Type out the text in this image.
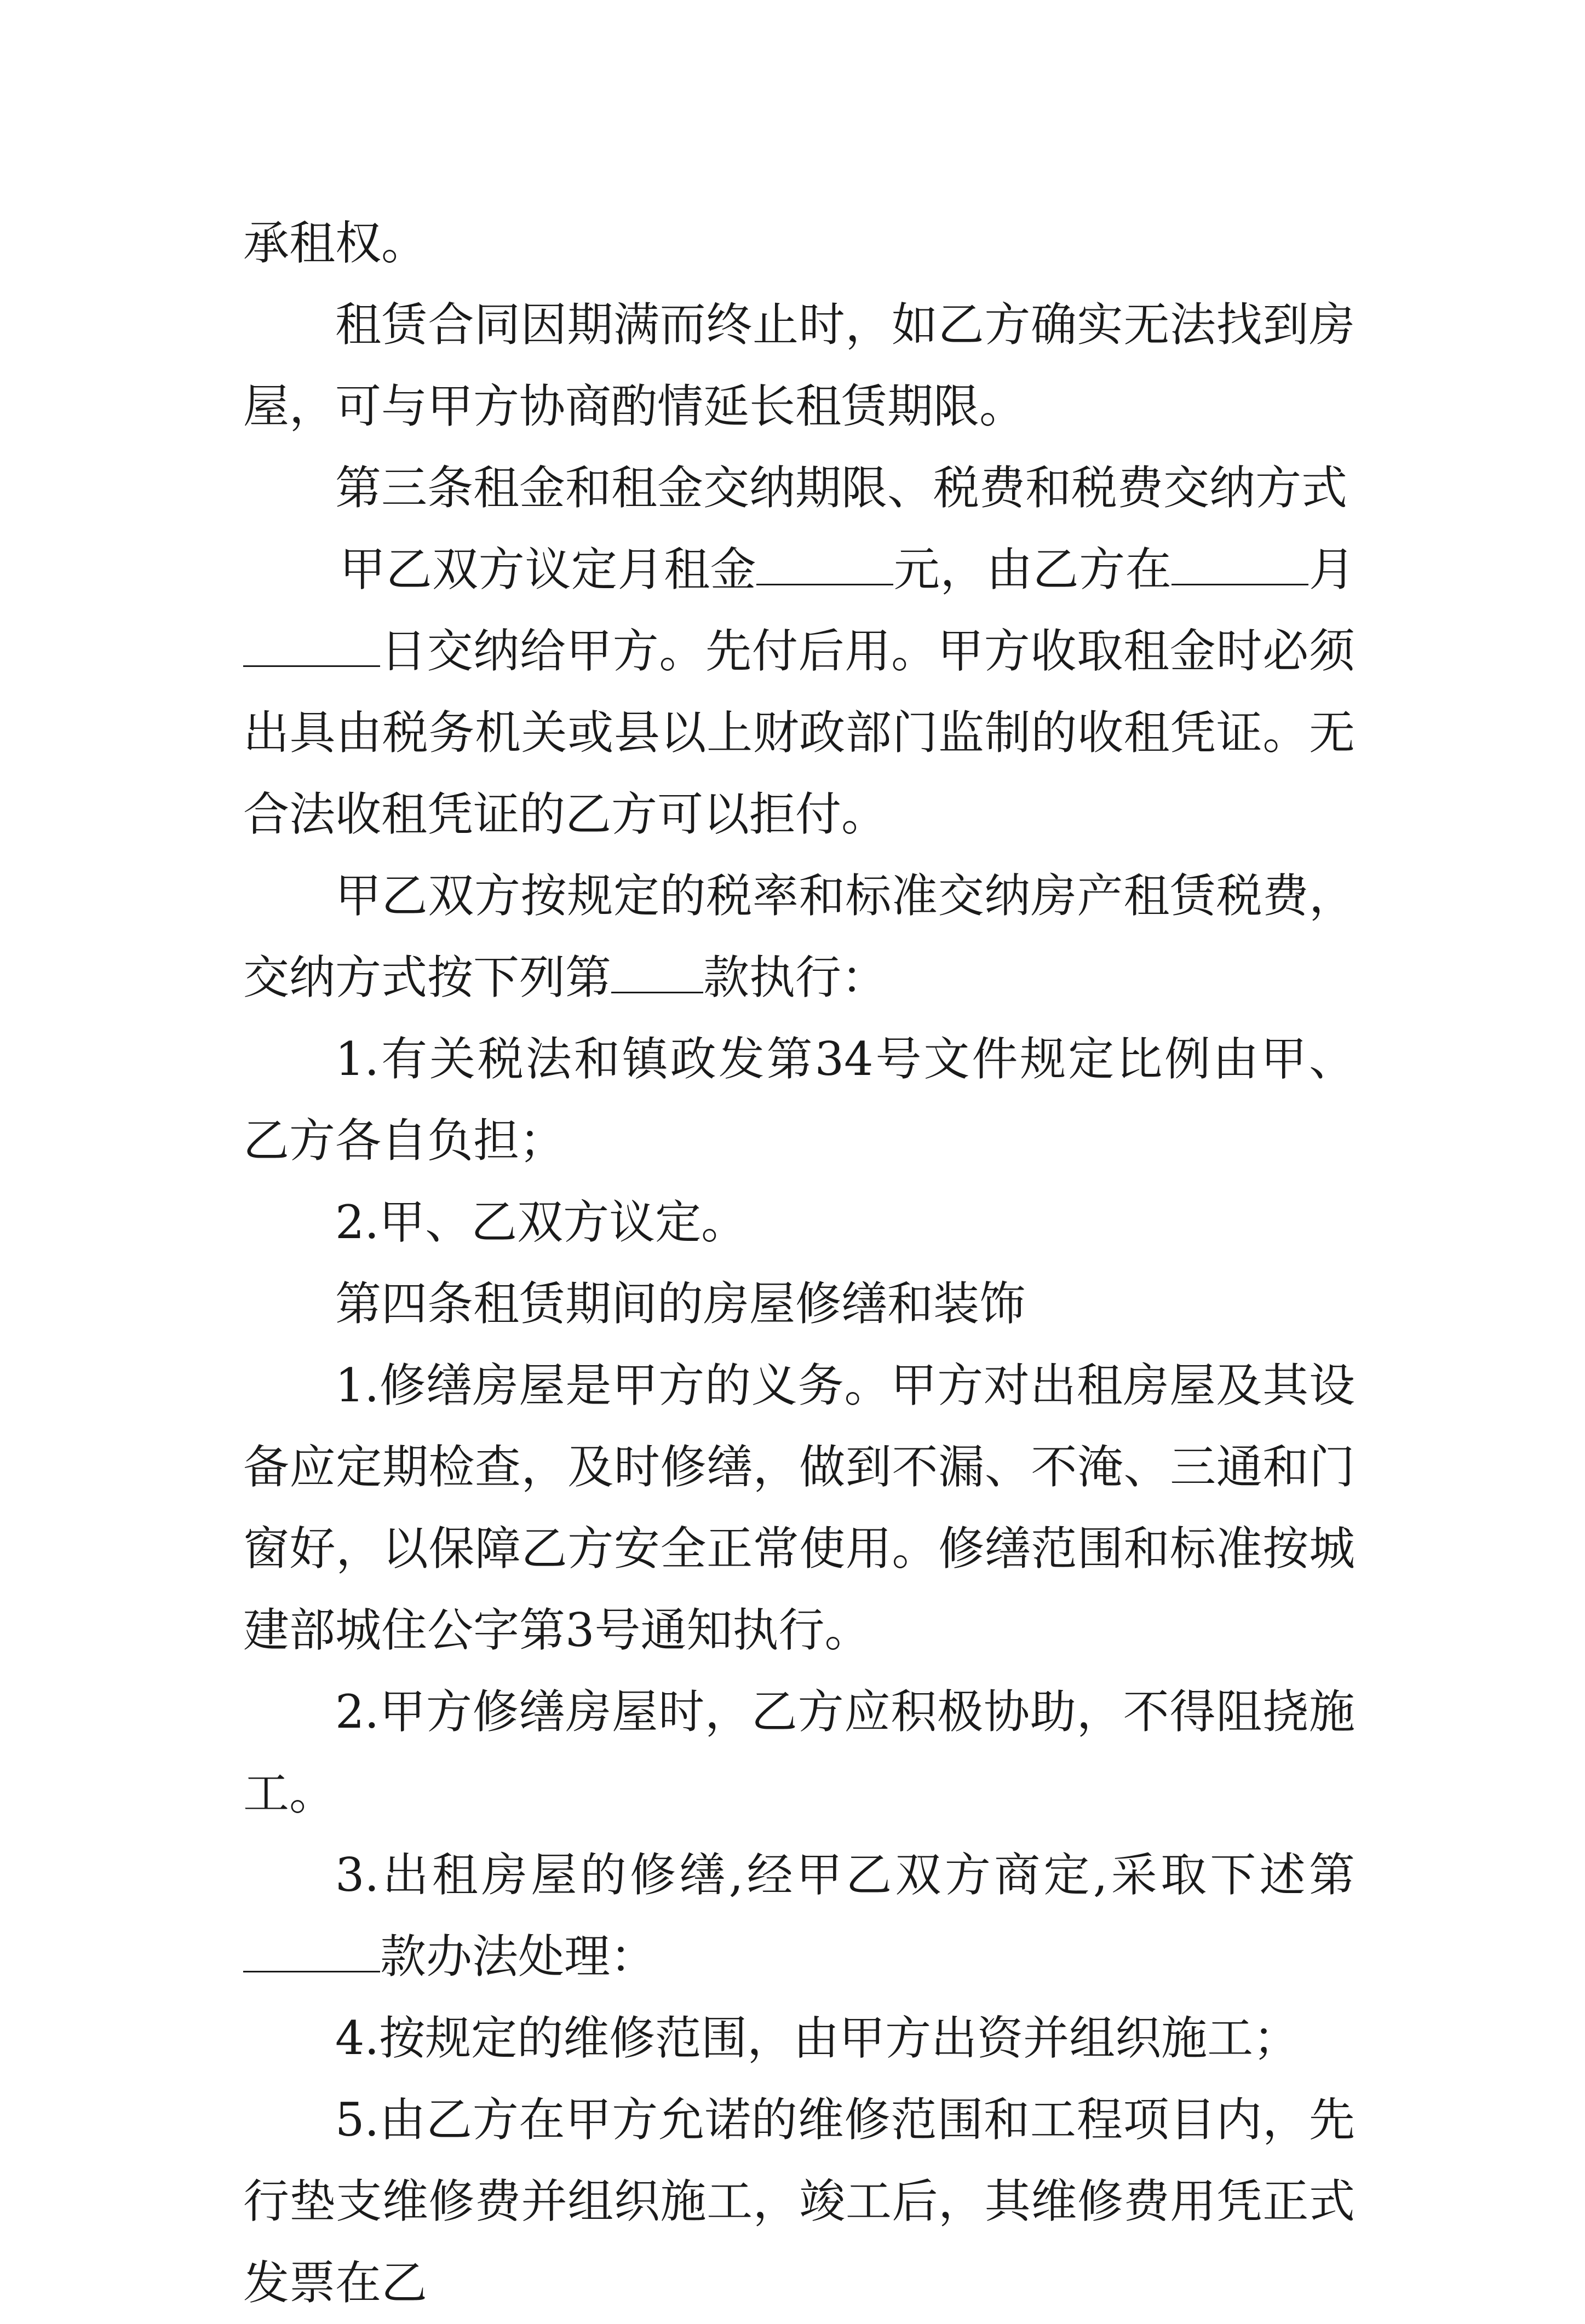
承租权。

租赁合同因期满而终止时，如乙方确实无法找到房屋，可与甲方协商酌情延长租赁期限。

第三条租金和租金交纳期限、税费和税费交纳方式

甲乙双方议定月租金	元，由乙方在	月日交纳给甲方。先付后用。甲方收取租金时必须出具由税务机关或县以上财政部门监制的收租凭证。无合法收租凭证的乙方可以拒付。

甲乙双方按规定的税率和标准交纳房产租赁税费，交纳方式按下列第 款执行：

1.有关税法和镇政发第34号文件规定比例由甲、乙方各自负担；

2.甲、乙双方议定。

第四条租赁期间的房屋修缮和装饰

1.修缮房屋是甲方的义务。甲方对出租房屋及其设备应定期检查，及时修缮，做到不漏、不淹、三通和门窗好，以保障乙方安全正常使用。修缮范围和标准按城建部城住公字第3号通知执行。

2.甲方修缮房屋时，乙方应积极协助，不得阻挠施工。

3.出租房屋的修缮,经甲乙双方商定,采取下述第款办法处理：

4.按规定的维修范围，由甲方出资并组织施工；

5.由乙方在甲方允诺的维修范围和工程项目内，先行垫支维修费并组织施工，竣工后，其维修费用凭正式发票在乙
